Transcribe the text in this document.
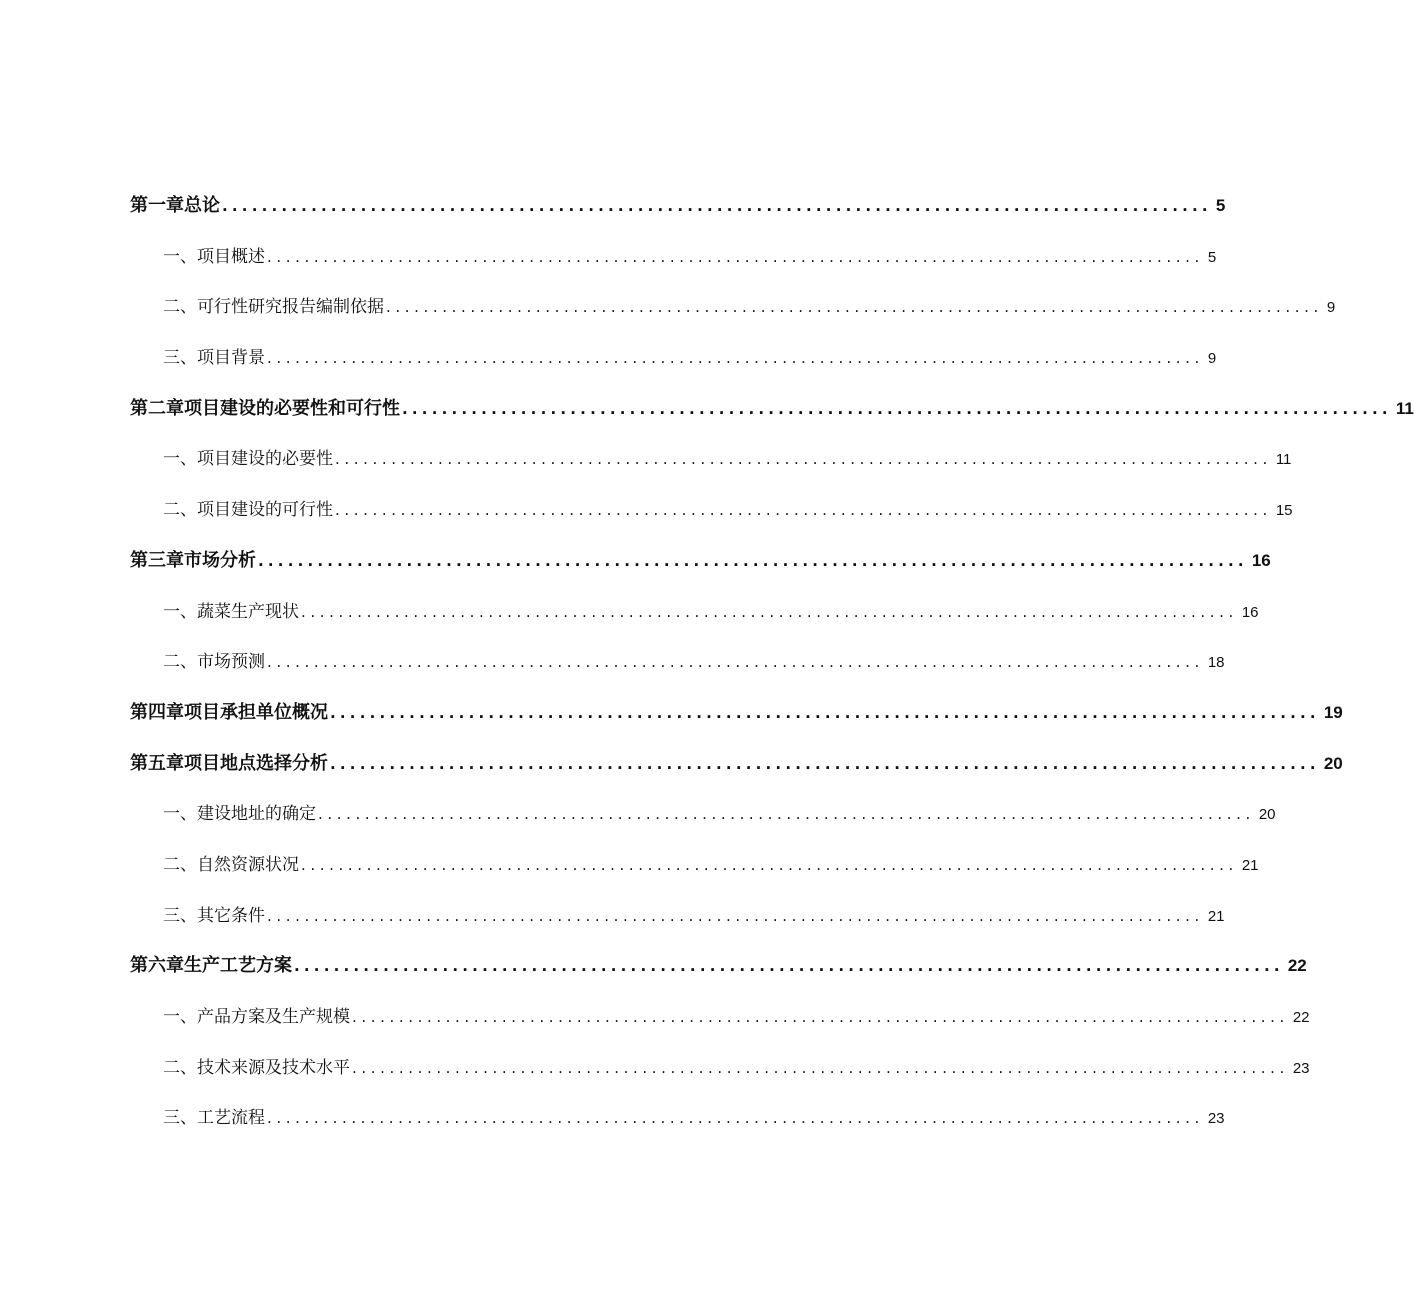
第一章总论 .................................................................................................... 5
一、项目概述 .................................................................................................... 5
二、可行性研究报告编制依据 .................................................................................................... 9
三、项目背景 .................................................................................................... 9
第二章项目建设的必要性和可行性 .................................................................................................... 11
一、项目建设的必要性 .................................................................................................... 11
二、项目建设的可行性 .................................................................................................... 15
第三章市场分析 .................................................................................................... 16
一、蔬菜生产现状 .................................................................................................... 16
二、市场预测 .................................................................................................... 18
第四章项目承担单位概况 .................................................................................................... 19
第五章项目地点选择分析 .................................................................................................... 20
一、建设地址的确定 .................................................................................................... 20
二、自然资源状况 .................................................................................................... 21
三、其它条件 .................................................................................................... 21
第六章生产工艺方案 .................................................................................................... 22
一、产品方案及生产规模 .................................................................................................... 22
二、技术来源及技术水平 .................................................................................................... 23
三、工艺流程 .................................................................................................... 23
